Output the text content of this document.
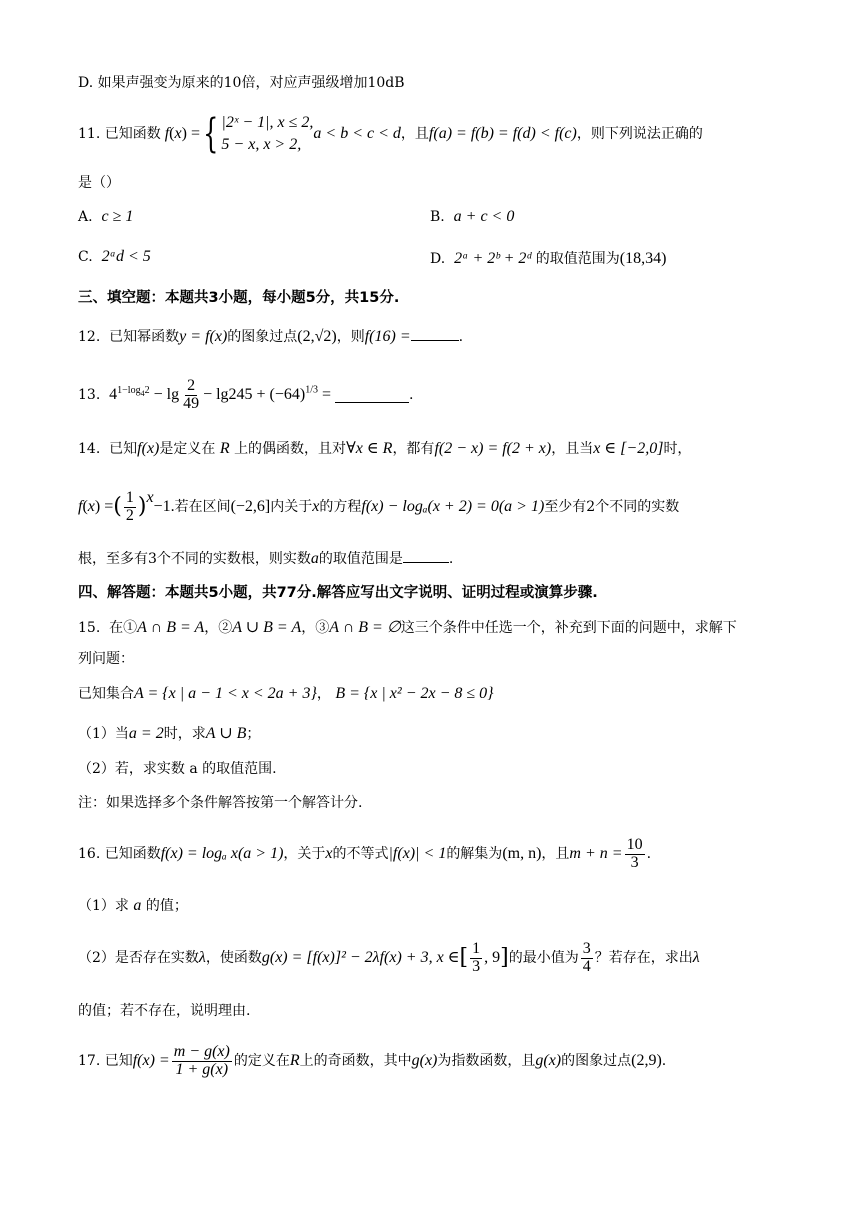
D. 如果声强变为原来的10倍，对应声强级增加10dB
11.
已知函数 f ( x ) = { |2ˣ − 1|, x ≤ 2,
5 − x, x > 2,
a < b < c < d ，且 f(a) = f(b) = f(d) < f(c) ，则下列说法正确的
是（）
A. c ≥ 1	B. a + c < 0
C. 2ᵃd < 5	D. 2ᵃ + 2ᵇ + 2ᵈ 的取值范围为(18,34)
三、填空题：本题共3小题，每小题5分，共15分.
12. 已知幂函数y = f(x)的图象过点(2,√2)，则f(16) =	.
13.
$4^{1-log_42} - \lg \frac{2}{49} - \lg 245 + (-64)^{1/3}$ =	.
14. 已知f(x)是定义在 R 上的偶函数，且对∀x ∈ R，都有f(2 − x) = f(2 + x)，且当x ∈ [−2,0]时，
f ( x ) = ( $\frac{1}{2}$ ) x
−1. 若在区间 (−2,6] 内关于 x 的方程 f(x) − logₐ(x + 2) = 0(a > 1) 至少有2个不同的实数
根，至多有3个不同的实数根，则实数a的取值范围是	.
四、解答题：本题共5小题，共77分.解答应写出文字说明、证明过程或演算步骤.
15. 在①A ∩ B = A，②A ∪ B = A，③A ∩ B = ∅这三个条件中任选一个，补充到下面的问题中，求解下
列问题：
已知集合A = {x | a − 1 < x < 2a + 3}， B = {x | x² − 2x − 8 ≤ 0}
（1）当a = 2时，求A ∪ B；
（2）若，求实数 a 的取值范围.
注：如果选择多个条件解答按第一个解答计分.
16.
已知函数 f(x) = logₐ x(a > 1) ，关于 x 的不等式 |f(x)| < 1 的解集为 (m, n) ，且 $m + n = \frac{10}{3}$ .
（1）求 a 的值；
（2）是否存在实数 λ ，使函数 g(x) = [f(x)]² − 2λf(x) + 3, x ∈ [ $\frac{1}{3}$ , 9 ] 的最小值为 $\frac{3}{4}$ ？若存在，求出 λ
的值；若不存在，说明理由.
17.
已知 $f(x) = \frac{m - g(x)}{1 + g(x)}$ 的定义在 R 上的奇函数，其中 g(x) 为指数函数，且 g(x) 的图象过点 (2,9) .
